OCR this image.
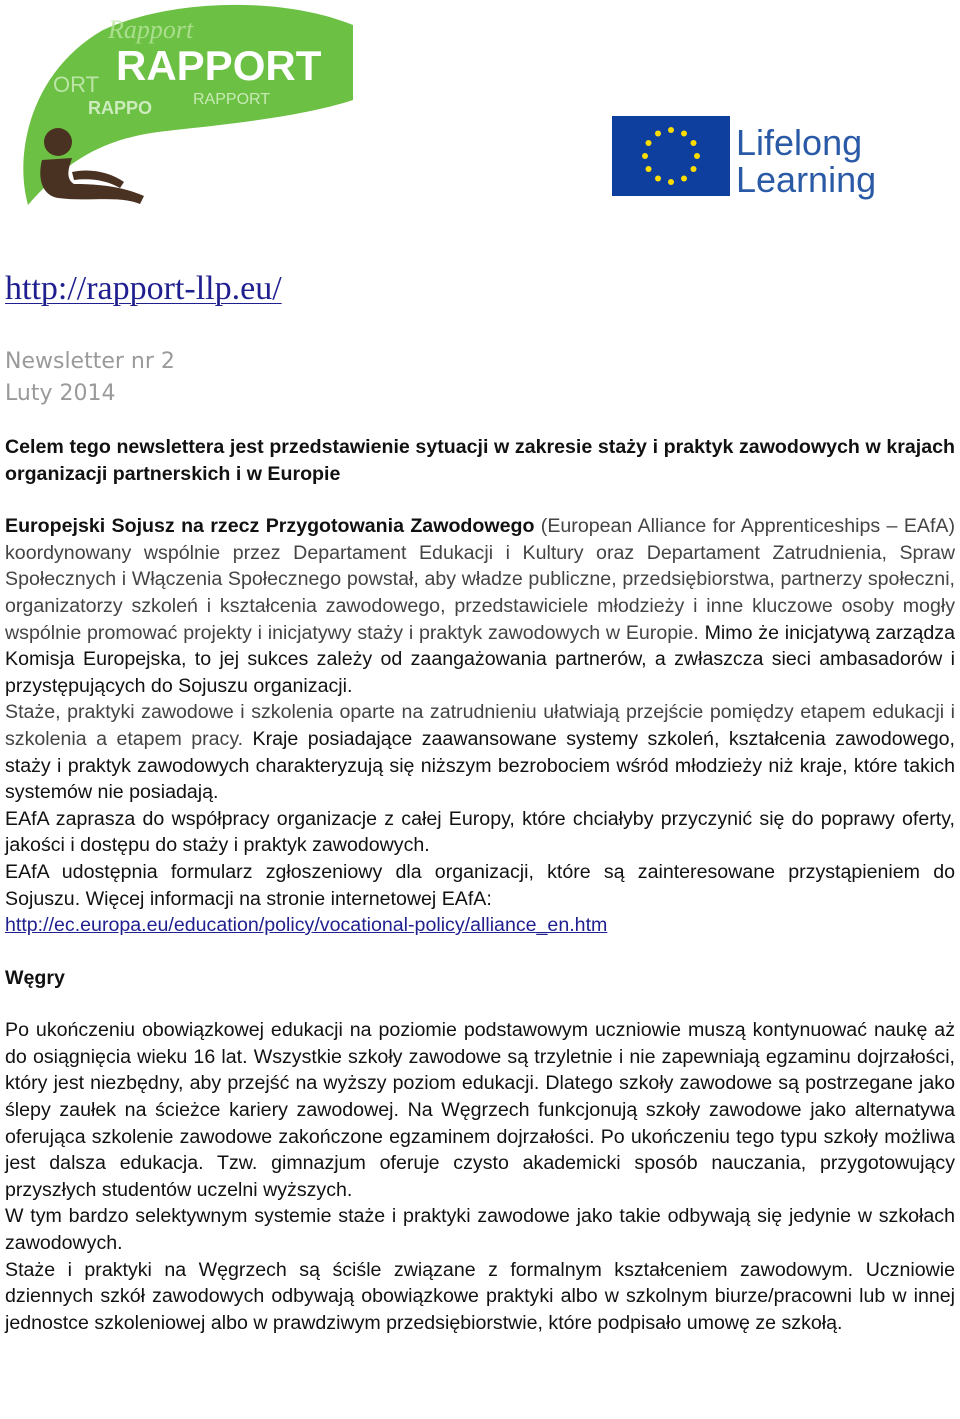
Rapport
ORT
RAPPORT
RAPPO
RAPPORT
Lifelong
Learning
http://rapport-llp.eu/
Newsletter nr 2
Luty 2014

Celem tego newslettera jest przedstawienie sytuacji w zakresie staży i praktyk zawodowych w krajach organizacji partnerskich i w Europie

Europejski Sojusz na rzecz Przygotowania Zawodowego (European Alliance for Apprenticeships – EAfA) koordynowany wspólnie przez Departament Edukacji i Kultury oraz Departament Zatrudnienia, Spraw Społecznych i Włączenia Społecznego powstał, aby władze publiczne, przedsiębiorstwa, partnerzy społeczni, organizatorzy szkoleń i kształcenia zawodowego, przedstawiciele młodzieży i inne kluczowe osoby mogły wspólnie promować projekty i inicjatywy staży i praktyk zawodowych w Europie. Mimo że inicjatywą zarządza Komisja Europejska, to jej sukces zależy od zaangażowania partnerów, a zwłaszcza sieci ambasadorów i przystępujących do Sojuszu organizacji.

Staże, praktyki zawodowe i szkolenia oparte na zatrudnieniu ułatwiają przejście pomiędzy etapem edukacji i szkolenia a etapem pracy. Kraje posiadające zaawansowane systemy szkoleń, kształcenia zawodowego, staży i praktyk zawodowych charakteryzują się niższym bezrobociem wśród młodzieży niż kraje, które takich systemów nie posiadają.

EAfA zaprasza do współpracy organizacje z całej Europy, które chciałyby przyczynić się do poprawy oferty, jakości i dostępu do staży i praktyk zawodowych.

EAfA udostępnia formularz zgłoszeniowy dla organizacji, które są zainteresowane przystąpieniem do Sojuszu. Więcej informacji na stronie internetowej EAfA:
http://ec.europa.eu/education/policy/vocational-policy/alliance_en.htm

Węgry

Po ukończeniu obowiązkowej edukacji na poziomie podstawowym uczniowie muszą kontynuować naukę aż do osiągnięcia wieku 16 lat. Wszystkie szkoły zawodowe są trzyletnie i nie zapewniają egzaminu dojrzałości, który jest niezbędny, aby przejść na wyższy poziom edukacji. Dlatego szkoły zawodowe są postrzegane jako ślepy zaułek na ścieżce kariery zawodowej. Na Węgrzech funkcjonują szkoły zawodowe jako alternatywa oferująca szkolenie zawodowe zakończone egzaminem dojrzałości. Po ukończeniu tego typu szkoły możliwa jest dalsza edukacja. Tzw. gimnazjum oferuje czysto akademicki sposób nauczania, przygotowujący przyszłych studentów uczelni wyższych.

W tym bardzo selektywnym systemie staże i praktyki zawodowe jako takie odbywają się jedynie w szkołach zawodowych.

Staże i praktyki na Węgrzech są ściśle związane z formalnym kształceniem zawodowym. Uczniowie dziennych szkół zawodowych odbywają obowiązkowe praktyki albo w szkolnym biurze/pracowni lub w innej jednostce szkoleniowej albo w prawdziwym przedsiębiorstwie, które podpisało umowę ze szkołą.
